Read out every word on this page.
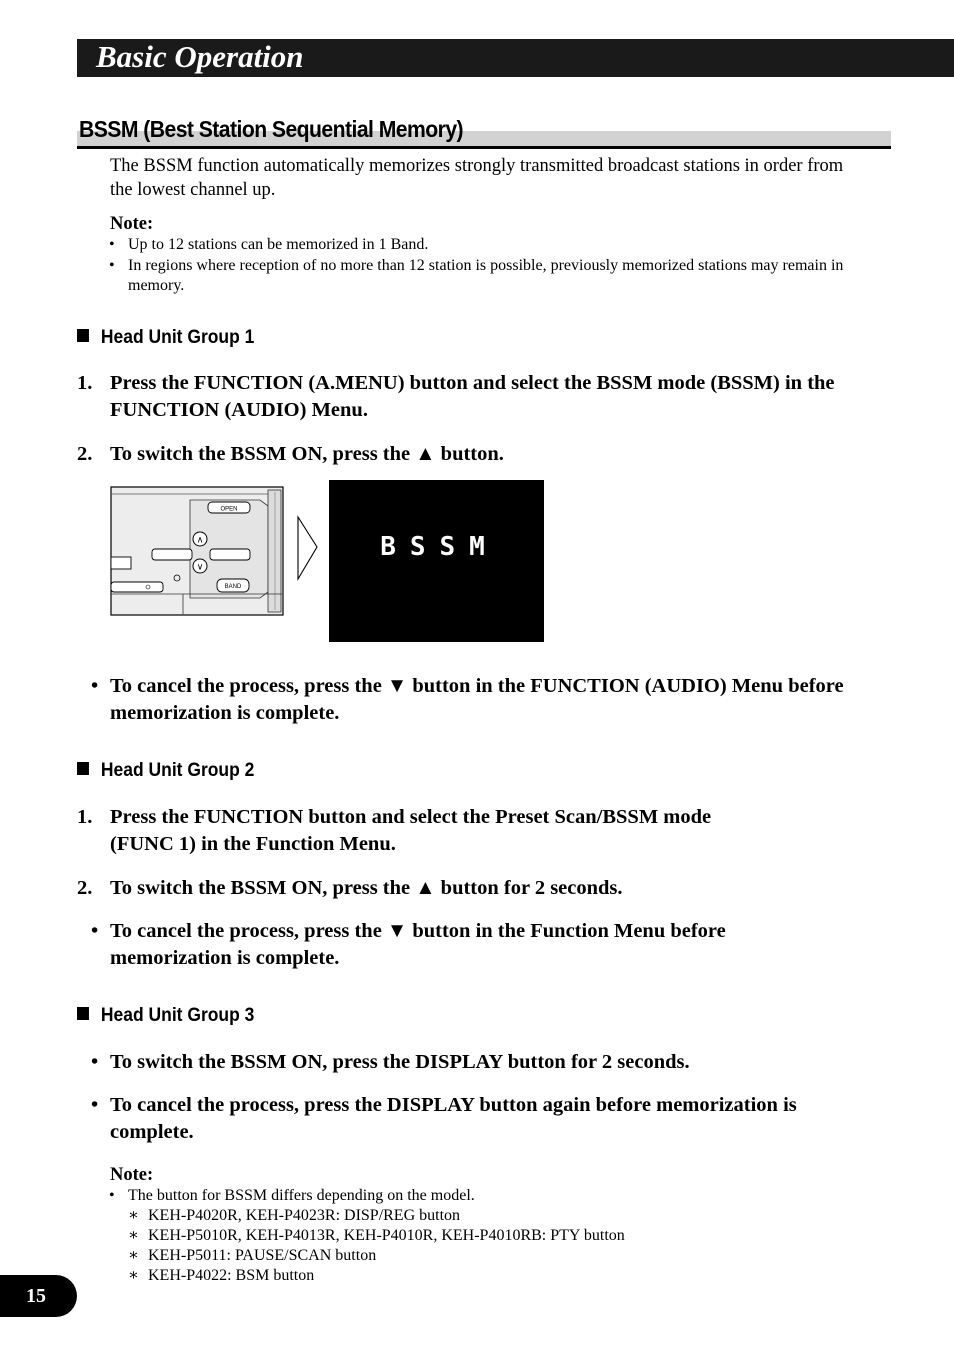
Basic Operation
BSSM (Best Station Sequential Memory)
The BSSM function automatically memorizes strongly transmitted broadcast stations in order from the lowest channel up.
Note:
• Up to 12 stations can be memorized in 1 Band.
• In regions where reception of no more than 12 station is possible, previously memorized stations may remain in memory.
Head Unit Group 1
1. Press the FUNCTION (A.MENU) button and select the BSSM mode (BSSM) in the FUNCTION (AUDIO) Menu.
2. To switch the BSSM ON, press the ▲ button.
OPEN
∧
∨
BAND
BSSM
• To cancel the process, press the ▼ button in the FUNCTION (AUDIO) Menu before memorization is complete.
Head Unit Group 2
1. Press the FUNCTION button and select the Preset Scan/BSSM mode (FUNC 1) in the Function Menu.
2. To switch the BSSM ON, press the ▲ button for 2 seconds.
• To cancel the process, press the ▼ button in the Function Menu before memorization is complete.
Head Unit Group 3
• To switch the BSSM ON, press the DISPLAY button for 2 seconds.
• To cancel the process, press the DISPLAY button again before memorization is complete.
Note:
• The button for BSSM differs depending on the model.
∗ KEH-P4020R, KEH-P4023R: DISP/REG button
∗ KEH-P5010R, KEH-P4013R, KEH-P4010R, KEH-P4010RB: PTY button
∗ KEH-P5011: PAUSE/SCAN button
∗ KEH-P4022: BSM button
15
